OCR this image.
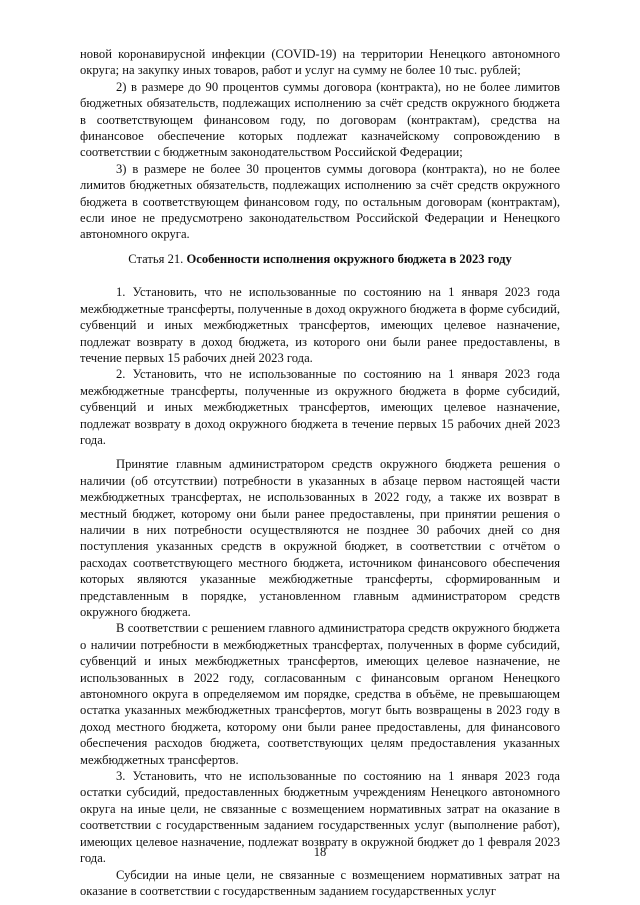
новой коронавирусной инфекции (COVID-19) на территории Ненецкого автономного округа; на закупку иных товаров, работ и услуг на сумму не более 10 тыс. рублей;

2) в размере до 90 процентов суммы договора (контракта), но не более лимитов бюджетных обязательств, подлежащих исполнению за счёт средств окружного бюджета в соответствующем финансовом году, по договорам (контрактам), средства на финансовое обеспечение которых подлежат казначейскому сопровождению в соответствии с бюджетным законодательством Российской Федерации;

3) в размере не более 30 процентов суммы договора (контракта), но не более лимитов бюджетных обязательств, подлежащих исполнению за счёт средств окружного бюджета в соответствующем финансовом году, по остальным договорам (контрактам), если иное не предусмотрено законодательством Российской Федерации и Ненецкого автономного округа.

Статья 21. Особенности исполнения окружного бюджета в 2023 году

1. Установить, что не использованные по состоянию на 1 января 2023 года межбюджетные трансферты, полученные в доход окружного бюджета в форме субсидий, субвенций и иных межбюджетных трансфертов, имеющих целевое назначение, подлежат возврату в доход бюджета, из которого они были ранее предоставлены, в течение первых 15 рабочих дней 2023 года.

2. Установить, что не использованные по состоянию на 1 января 2023 года межбюджетные трансферты, полученные из окружного бюджета в форме субсидий, субвенций и иных межбюджетных трансфертов, имеющих целевое назначение, подлежат возврату в доход окружного бюджета в течение первых 15 рабочих дней 2023 года.

Принятие главным администратором средств окружного бюджета решения о наличии (об отсутствии) потребности в указанных в абзаце первом настоящей части межбюджетных трансфертах, не использованных в 2022 году, а также их возврат в местный бюджет, которому они были ранее предоставлены, при принятии решения о наличии в них потребности осуществляются не позднее 30 рабочих дней со дня поступления указанных средств в окружной бюджет, в соответствии с отчётом о расходах соответствующего местного бюджета, источником финансового обеспечения которых являются указанные межбюджетные трансферты, сформированным и представленным в порядке, установленном главным администратором средств окружного бюджета.

В соответствии с решением главного администратора средств окружного бюджета о наличии потребности в межбюджетных трансфертах, полученных в форме субсидий, субвенций и иных межбюджетных трансфертов, имеющих целевое назначение, не использованных в 2022 году, согласованным с финансовым органом Ненецкого автономного округа в определяемом им порядке, средства в объёме, не превышающем остатка указанных межбюджетных трансфертов, могут быть возвращены в 2023 году в доход местного бюджета, которому они были ранее предоставлены, для финансового обеспечения расходов бюджета, соответствующих целям предоставления указанных межбюджетных трансфертов.

3. Установить, что не использованные по состоянию на 1 января 2023 года остатки субсидий, предоставленных бюджетным учреждениям Ненецкого автономного округа на иные цели, не связанные с возмещением нормативных затрат на оказание в соответствии с государственным заданием государственных услуг (выполнение работ), имеющих целевое назначение, подлежат возврату в окружной бюджет до 1 февраля 2023 года.

Субсидии на иные цели, не связанные с возмещением нормативных затрат на оказание в соответствии с государственным заданием государственных услуг

18
